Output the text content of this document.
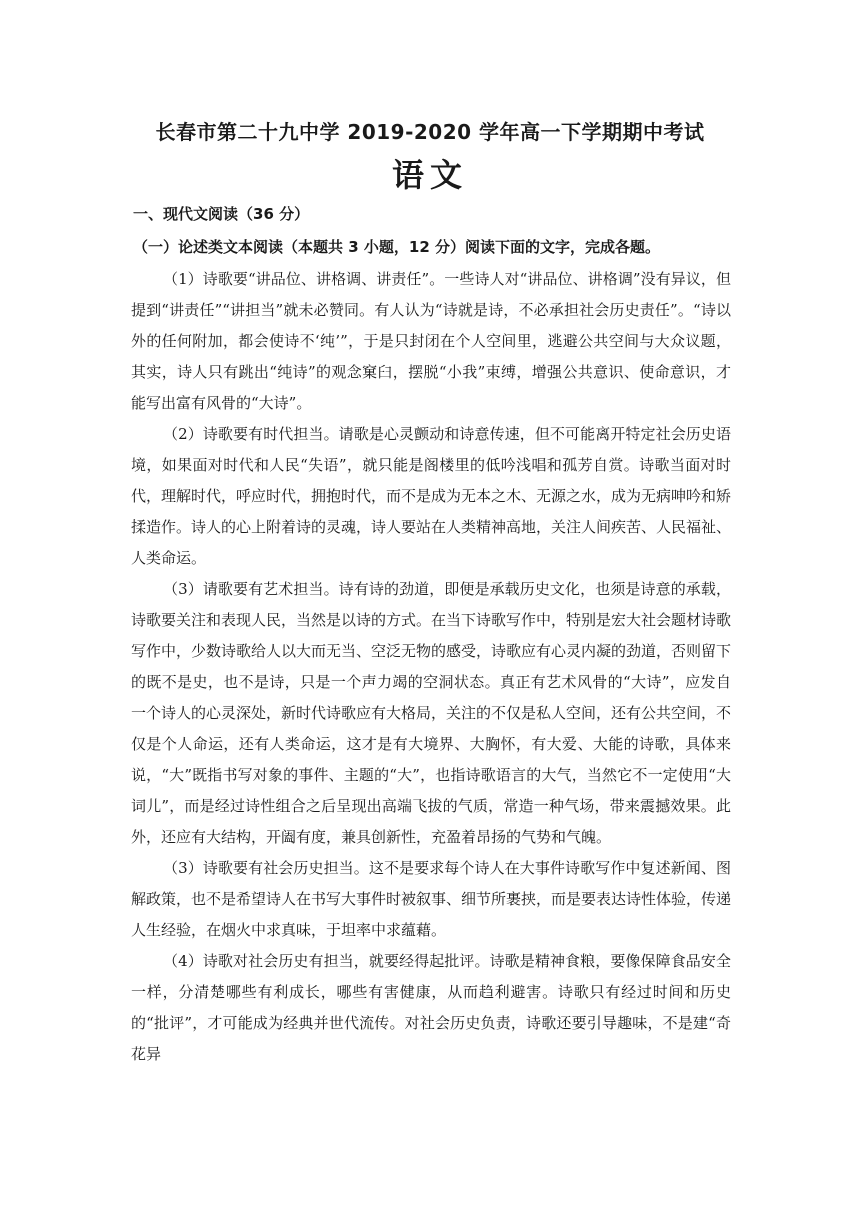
长春市第二十九中学 2019-2020 学年高一下学期期中考试
语文
一、现代文阅读（36 分）
（一）论述类文本阅读（本题共 3 小题，12 分）阅读下面的文字，完成各题。

（1）诗歌要“讲品位、讲格调、讲责任”。一些诗人对“讲品位、讲格调”没有异议，但提到“讲责任”“讲担当”就未必赞同。有人认为“诗就是诗，不必承担社会历史责任”。“诗以外的任何附加，都会使诗不‘纯’”，于是只封闭在个人空间里，逃避公共空间与大众议题，其实，诗人只有跳出“纯诗”的观念窠臼，摆脱“小我”束缚，增强公共意识、使命意识，才能写出富有风骨的“大诗”。

（2）诗歌要有时代担当。请歌是心灵颤动和诗意传速，但不可能离开特定社会历史语境，如果面对时代和人民“失语”，就只能是阁楼里的低吟浅唱和孤芳自赏。诗歌当面对时代，理解时代，呼应时代，拥抱时代，而不是成为无本之木、无源之水，成为无病呻吟和矫揉造作。诗人的心上附着诗的灵魂，诗人要站在人类精神高地，关注人间疾苦、人民福祉、人类命运。

（3）请歌要有艺术担当。诗有诗的劲道，即便是承载历史文化，也须是诗意的承载，诗歌要关注和表现人民，当然是以诗的方式。在当下诗歌写作中，特别是宏大社会题材诗歌写作中，少数诗歌给人以大而无当、空泛无物的感受，诗歌应有心灵内凝的劲道，否则留下的既不是史，也不是诗，只是一个声力竭的空洞状态。真正有艺术风骨的“大诗”，应发自一个诗人的心灵深处，新时代诗歌应有大格局，关注的不仅是私人空间，还有公共空间，不仅是个人命运，还有人类命运，这才是有大境界、大胸怀，有大爱、大能的诗歌，具体来说，“大”既指书写对象的事件、主题的“大”，也指诗歌语言的大气，当然它不一定使用“大词儿”，而是经过诗性组合之后呈现出高端飞拔的气质，常造一种气场，带来震撼效果。此外，还应有大结构，开阖有度，兼具创新性，充盈着昂扬的气势和气魄。

（3）诗歌要有社会历史担当。这不是要求每个诗人在大事件诗歌写作中复述新闻、图解政策，也不是希望诗人在书写大事件时被叙事、细节所裹挟，而是要表达诗性体验，传递人生经验，在烟火中求真味，于坦率中求蕴藉。

（4）诗歌对社会历史有担当，就要经得起批评。诗歌是精神食粮，要像保障食品安全一样，分清楚哪些有利成长，哪些有害健康，从而趋利避害。诗歌只有经过时间和历史的“批评”，才可能成为经典并世代流传。对社会历史负责，诗歌还要引导趣味，不是建“奇花异
